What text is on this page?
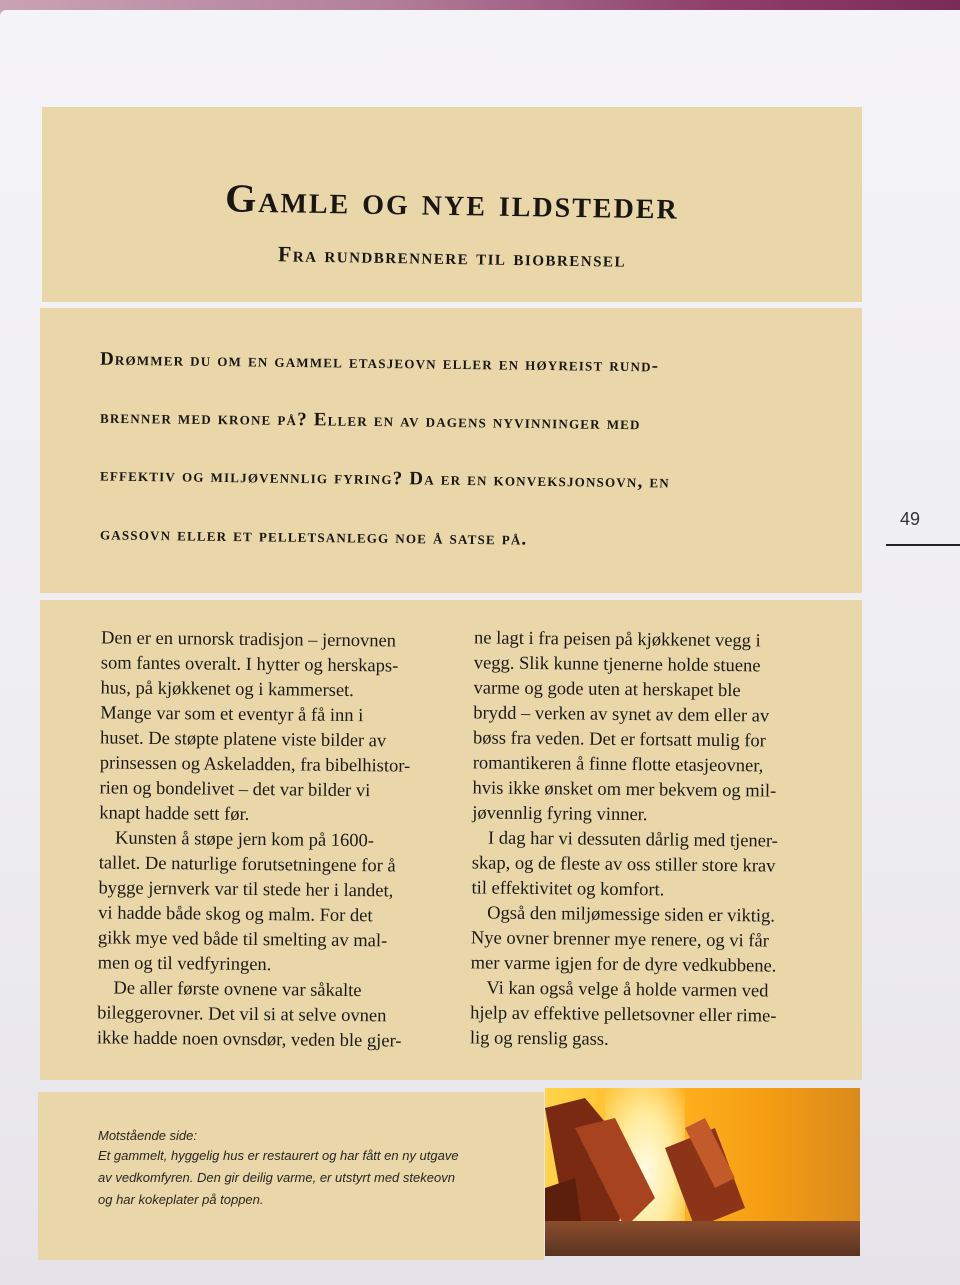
Gamle og nye ildsteder
Fra rundbrennere til biobrensel
Drømmer du om en gammel etasjeovn eller en høyreist rund-
brenner med krone på? Eller en av dagens nyvinninger med
effektiv og miljøvennlig fyring? Da er en konveksjonsovn, en
gassovn eller et pelletsanlegg noe å satse på.
Den er en urnorsk tradisjon – jernovnen
som fantes overalt. I hytter og herskaps-
hus, på kjøkkenet og i kammerset.
Mange var som et eventyr å få inn i
huset. De støpte platene viste bilder av
prinsessen og Askeladden, fra bibelhistor-
rien og bondelivet – det var bilder vi
knapt hadde sett før.
Kunsten å støpe jern kom på 1600-
tallet. De naturlige forutsetningene for å
bygge jernverk var til stede her i landet,
vi hadde både skog og malm. For det
gikk mye ved både til smelting av mal-
men og til vedfyringen.
De aller første ovnene var såkalte
bileggerovner. Det vil si at selve ovnen
ikke hadde noen ovnsdør, veden ble gjer-
ne lagt i fra peisen på kjøkkenet vegg i
vegg. Slik kunne tjenerne holde stuene
varme og gode uten at herskapet ble
brydd – verken av synet av dem eller av
bøss fra veden. Det er fortsatt mulig for
romantikeren å finne flotte etasjeovner,
hvis ikke ønsket om mer bekvem og mil-
jøvennlig fyring vinner.
I dag har vi dessuten dårlig med tjener-
skap, og de fleste av oss stiller store krav
til effektivitet og komfort.
Også den miljømessige siden er viktig.
Nye ovner brenner mye renere, og vi får
mer varme igjen for de dyre vedkubbene.
Vi kan også velge å holde varmen ved
hjelp av effektive pelletsovner eller rime-
lig og renslig gass.
Motstående side:
Et gammelt, hyggelig hus er restaurert og har fått en ny utgave
av vedkomfyren. Den gir deilig varme, er utstyrt med stekeovn
og har kokeplater på toppen.
49
